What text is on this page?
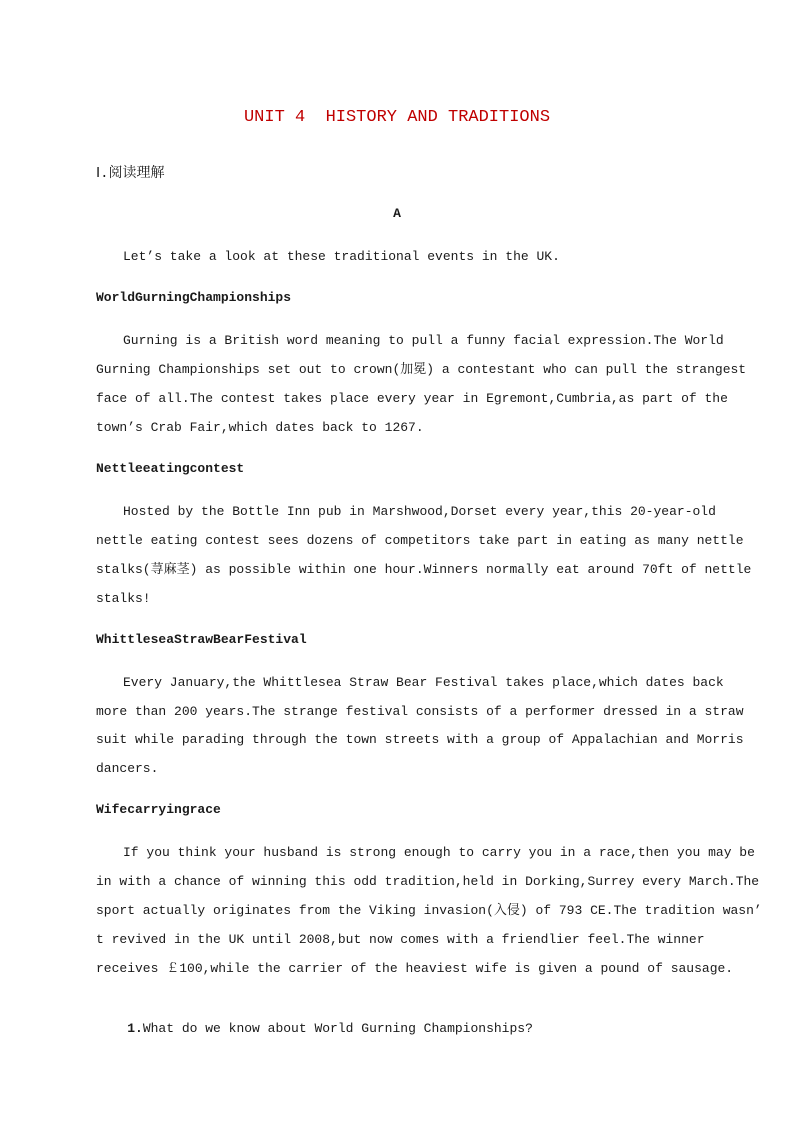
UNIT 4  HISTORY AND TRADITIONS
Ⅰ.阅读理解
A
Let’s take a look at these traditional events in the UK.
WorldGurningChampionships
Gurning is a British word meaning to pull a funny facial expression.The World
Gurning Championships set out to crown(加冕) a contestant who can pull the strangest
face of all.The contest takes place every year in Egremont,Cumbria,as part of the
town’s Crab Fair,which dates back to 1267.
Nettleeatingcontest
Hosted by the Bottle Inn pub in Marshwood,Dorset every year,this 20-year-old
nettle eating contest sees dozens of competitors take part in eating as many nettle
stalks(荨麻茎) as possible within one hour.Winners normally eat around 70ft of nettle
stalks!
WhittleseaStrawBearFestival
Every January,the Whittlesea Straw Bear Festival takes place,which dates back
more than 200 years.The strange festival consists of a performer dressed in a straw
suit while parading through the town streets with a group of Appalachian and Morris
dancers.
Wifecarryingrace
If you think your husband is strong enough to carry you in a race,then you may be
in with a chance of winning this odd tradition,held in Dorking,Surrey every March.The
sport actually originates from the Viking invasion(入侵) of 793 CE.The tradition wasn’
t revived in the UK until 2008,but now comes with a friendlier feel.The winner
receives ￡100,while the carrier of the heaviest wife is given a pound of sausage.

1.What do we know about World Gurning Championships?
